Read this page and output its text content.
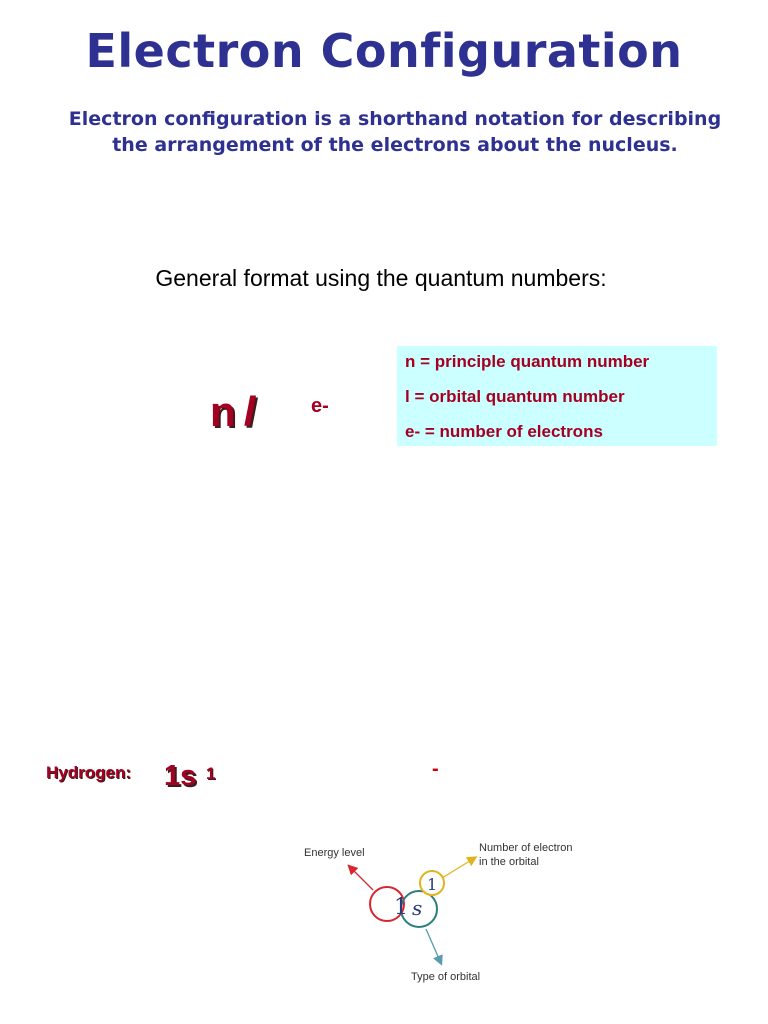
Electron Configuration
Electron configuration is a shorthand notation for describing the arrangement of the electrons about the nucleus.
General format using the quantum numbers:
n l	e-
n = principle quantum number
l = orbital quantum number
e- = number of electrons
Hydrogen: 1s 1	-
Energy level	Number of electron
in the orbital
Type of orbital
1 s
1
